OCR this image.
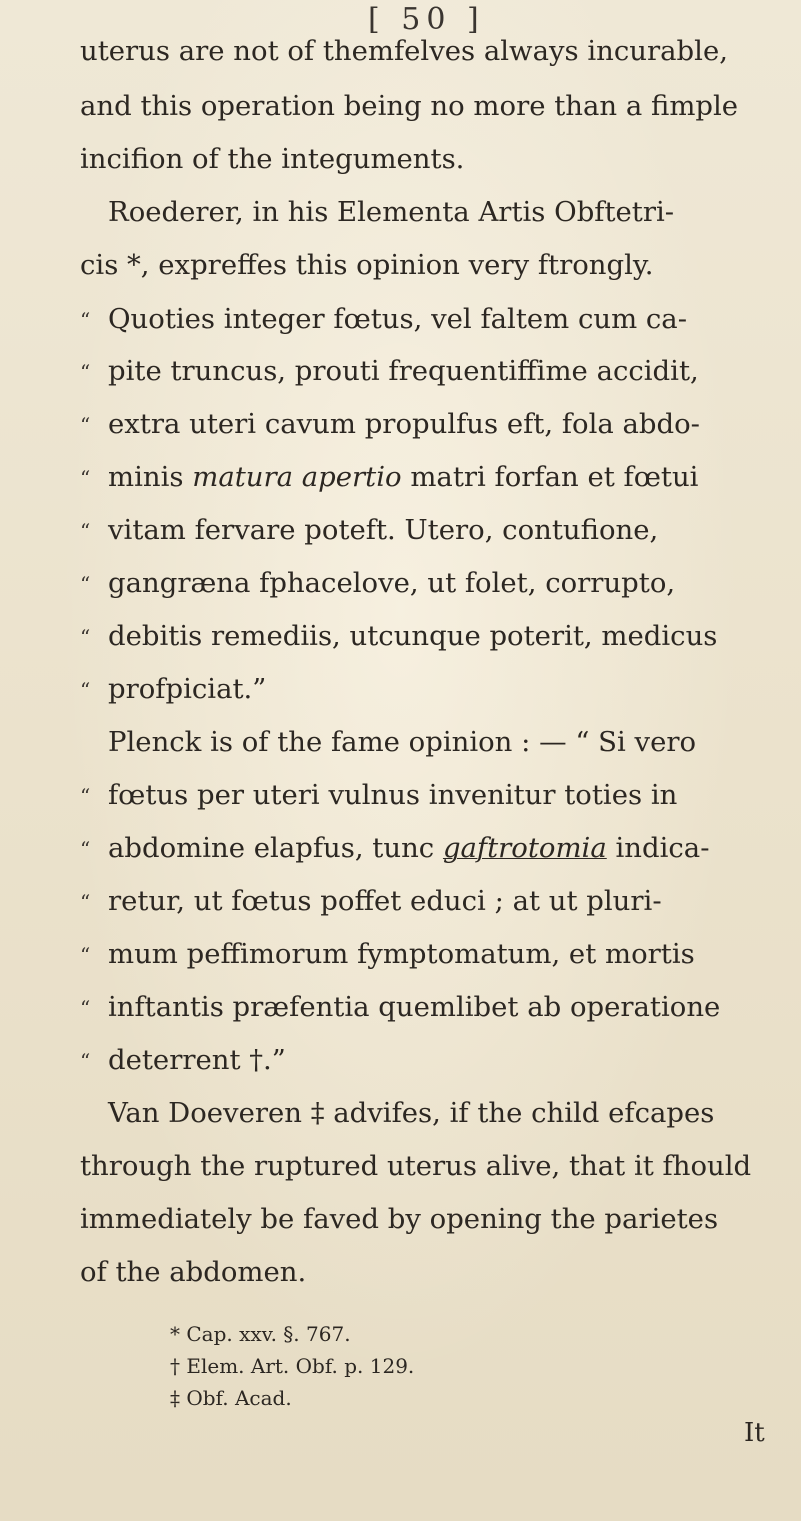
[ 50 ]
uterus are not of themfelves always incurable,
and this operation being no more than a fimple
incifion of the integuments.
Roederer, in his Elementa Artis Obftetri-
cis *, expreffes this opinion very ftrongly.
“ Quoties integer fœtus, vel faltem cum ca-
“ pite truncus, prouti frequentiffime accidit,
“ extra uteri cavum propulfus eft, fola abdo-
“ minis matura apertio matri forfan et fœtui
“ vitam fervare poteft. Utero, contufione,
“ gangræna fphacelove, ut folet, corrupto,
“ debitis remediis, utcunque poterit, medicus
“ profpiciat.”
Plenck is of the fame opinion : — “ Si vero
“ fœtus per uteri vulnus invenitur toties in
“ abdomine elapfus, tunc gaftrotomia indica-
“ retur, ut fœtus poffet educi ; at ut pluri-
“ mum peffimorum fymptomatum, et mortis
“ inftantis præfentia quemlibet ab operatione
“ deterrent †.”
Van Doeveren ‡ advifes, if the child efcapes
through the ruptured uterus alive, that it fhould
immediately be faved by opening the parietes
of the abdomen.
* Cap. xxv. §. 767.
† Elem. Art. Obf. p. 129.
‡ Obf. Acad.
It
